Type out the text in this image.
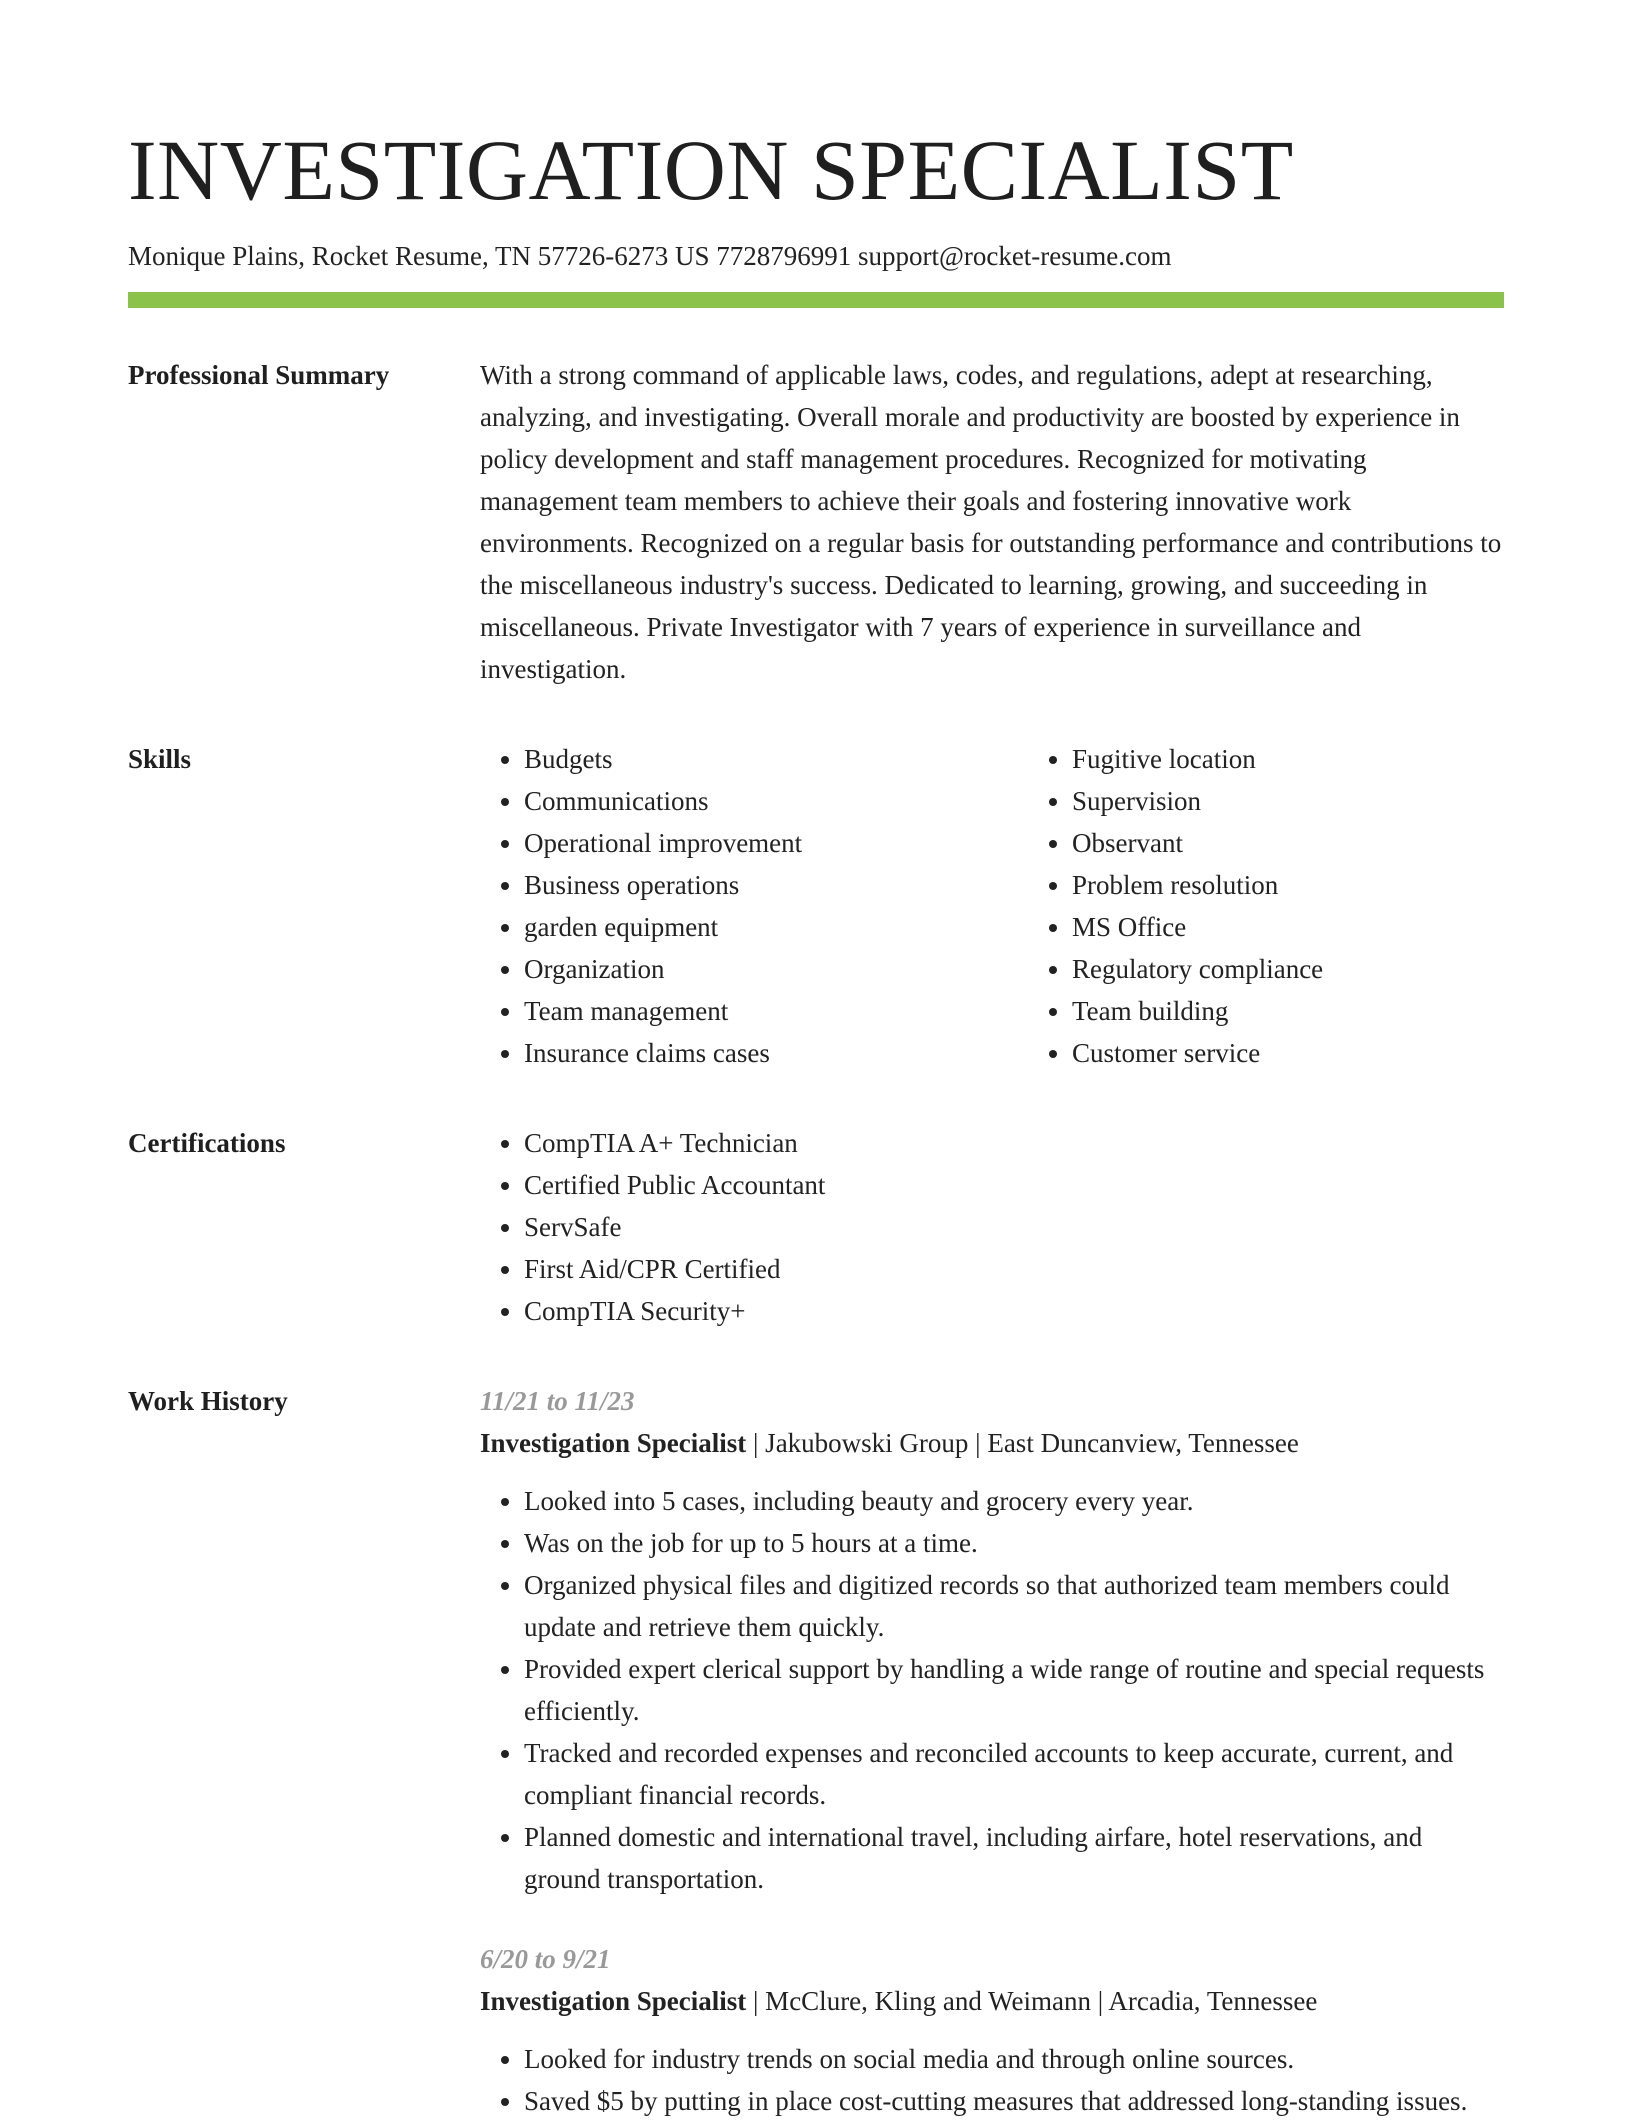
INVESTIGATION SPECIALIST
Monique Plains, Rocket Resume, TN 57726-6273 US 7728796991 support@rocket-resume.com
Professional Summary	With a strong command of applicable laws, codes, and regulations, adept at researching, analyzing, and investigating. Overall morale and productivity are boosted by experience in policy development and staff management procedures. Recognized for motivating management team members to achieve their goals and fostering innovative work environments. Recognized on a regular basis for outstanding performance and contributions to the miscellaneous industry's success. Dedicated to learning, growing, and succeeding in miscellaneous. Private Investigator with 7 years of experience in surveillance and investigation.

Skills	• Budgets
• Communications
• Operational improvement
• Business operations
• garden equipment
• Organization
• Team management
• Insurance claims cases
• Fugitive location
• Supervision
• Observant
• Problem resolution
• MS Office
• Regulatory compliance
• Team building
• Customer service
Certifications	• CompTIA A+ Technician
• Certified Public Accountant
• ServSafe
• First Aid/CPR Certified
• CompTIA Security+
Work History	11/21 to 11/23
Investigation Specialist | Jakubowski Group | East Duncanview, Tennessee
• Looked into 5 cases, including beauty and grocery every year.
• Was on the job for up to 5 hours at a time.
• Organized physical files and digitized records so that authorized team members could update and retrieve them quickly.
• Provided expert clerical support by handling a wide range of routine and special requests efficiently.
• Tracked and recorded expenses and reconciled accounts to keep accurate, current, and compliant financial records.
• Planned domestic and international travel, including airfare, hotel reservations, and ground transportation.
6/20 to 9/21
Investigation Specialist | McClure, Kling and Weimann | Arcadia, Tennessee
• Looked for industry trends on social media and through online sources.
• Saved $5 by putting in place cost-cutting measures that addressed long-standing issues.
